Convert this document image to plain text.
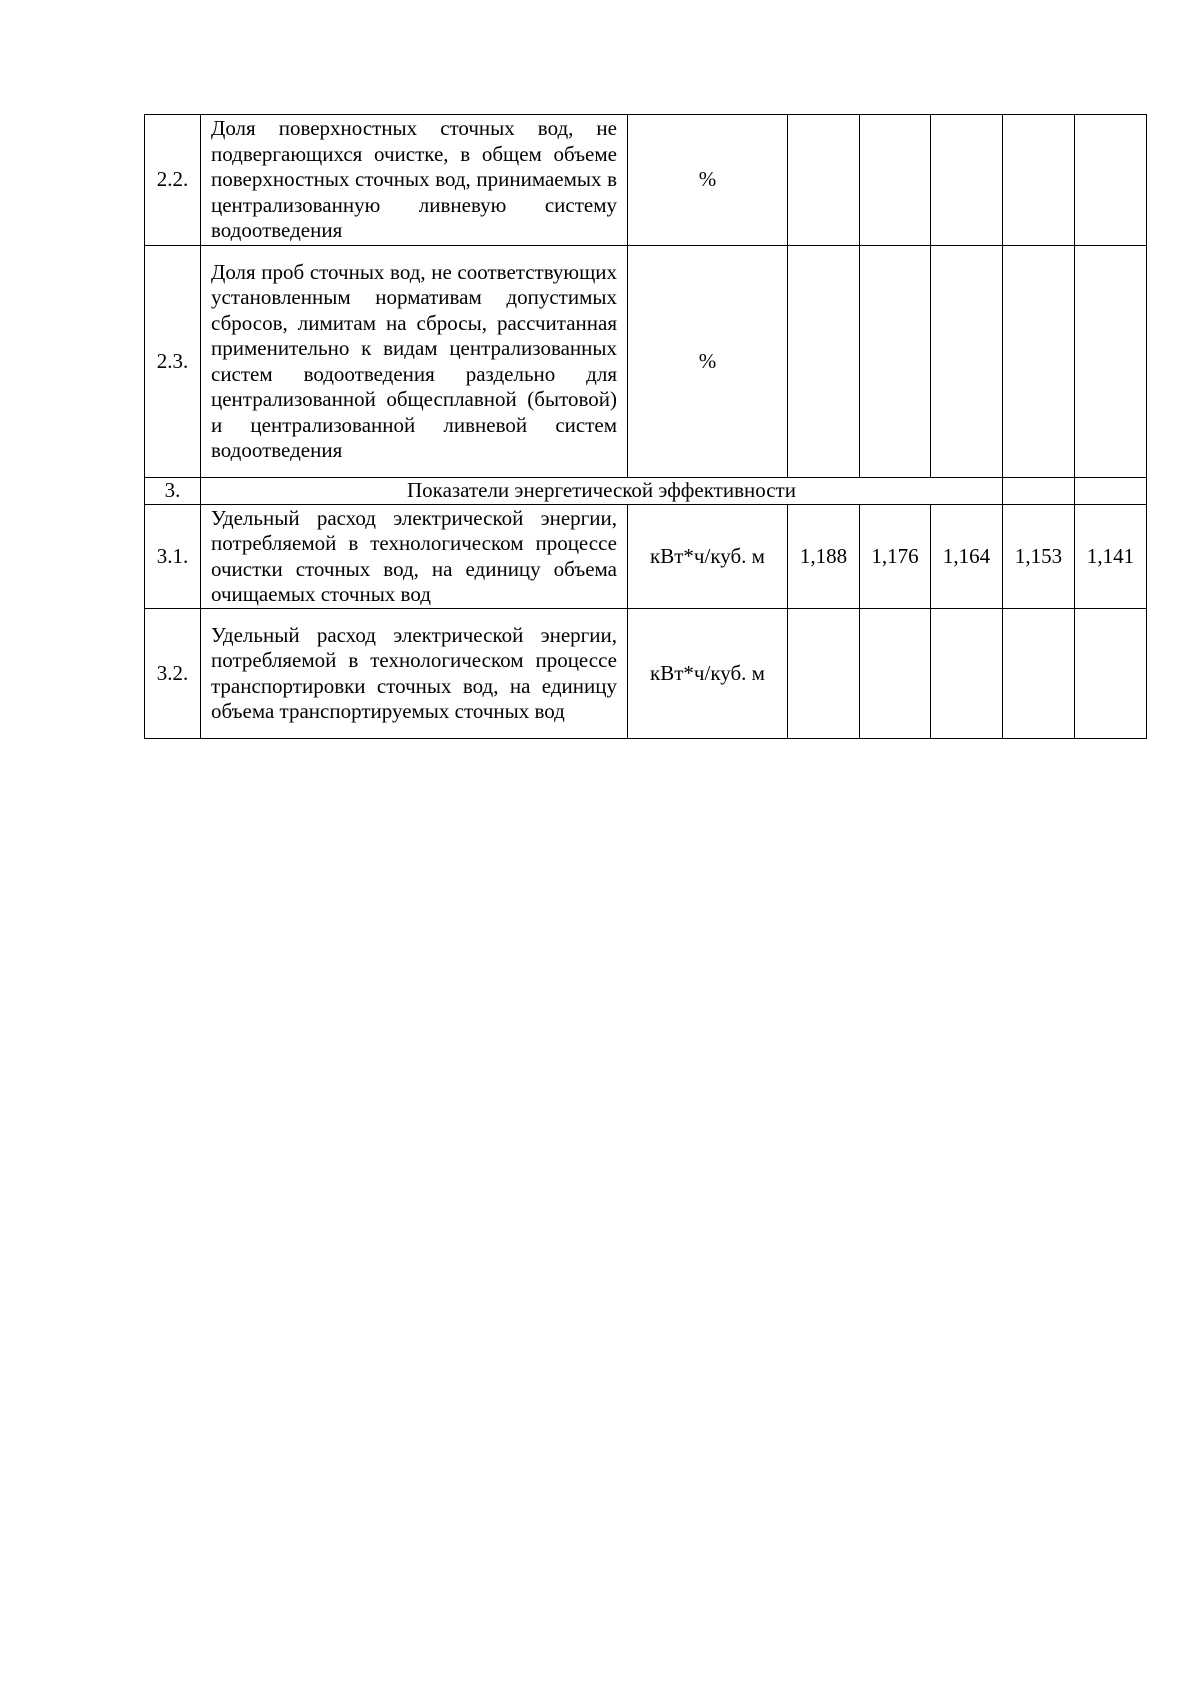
2.2.	Доля поверхностных сточных вод, не подвергающихся очистке, в общем объеме поверхностных сточных вод, принимаемых в централизованную ливневую систему водоотведения	%					
2.3.	Доля проб сточных вод, не соответствующих установленным нормативам допустимых сбросов, лимитам на сбросы, рассчитанная применительно к видам централизованных систем водоотведения раздельно для централизованной общесплавной (бытовой) и централизованной ливневой систем водоотведения	%					
3.	Показатели энергетической эффективности						
3.1.	Удельный расход электрической энергии, потребляемой в технологическом процессе очистки сточных вод, на единицу объема очищаемых сточных вод	кВт*ч/куб. м	1,188	1,176	1,164	1,153	1,141
3.2.	Удельный расход электрической энергии, потребляемой в технологическом процессе транспортировки сточных вод, на единицу объема транспортируемых сточных вод	кВт*ч/куб. м					
